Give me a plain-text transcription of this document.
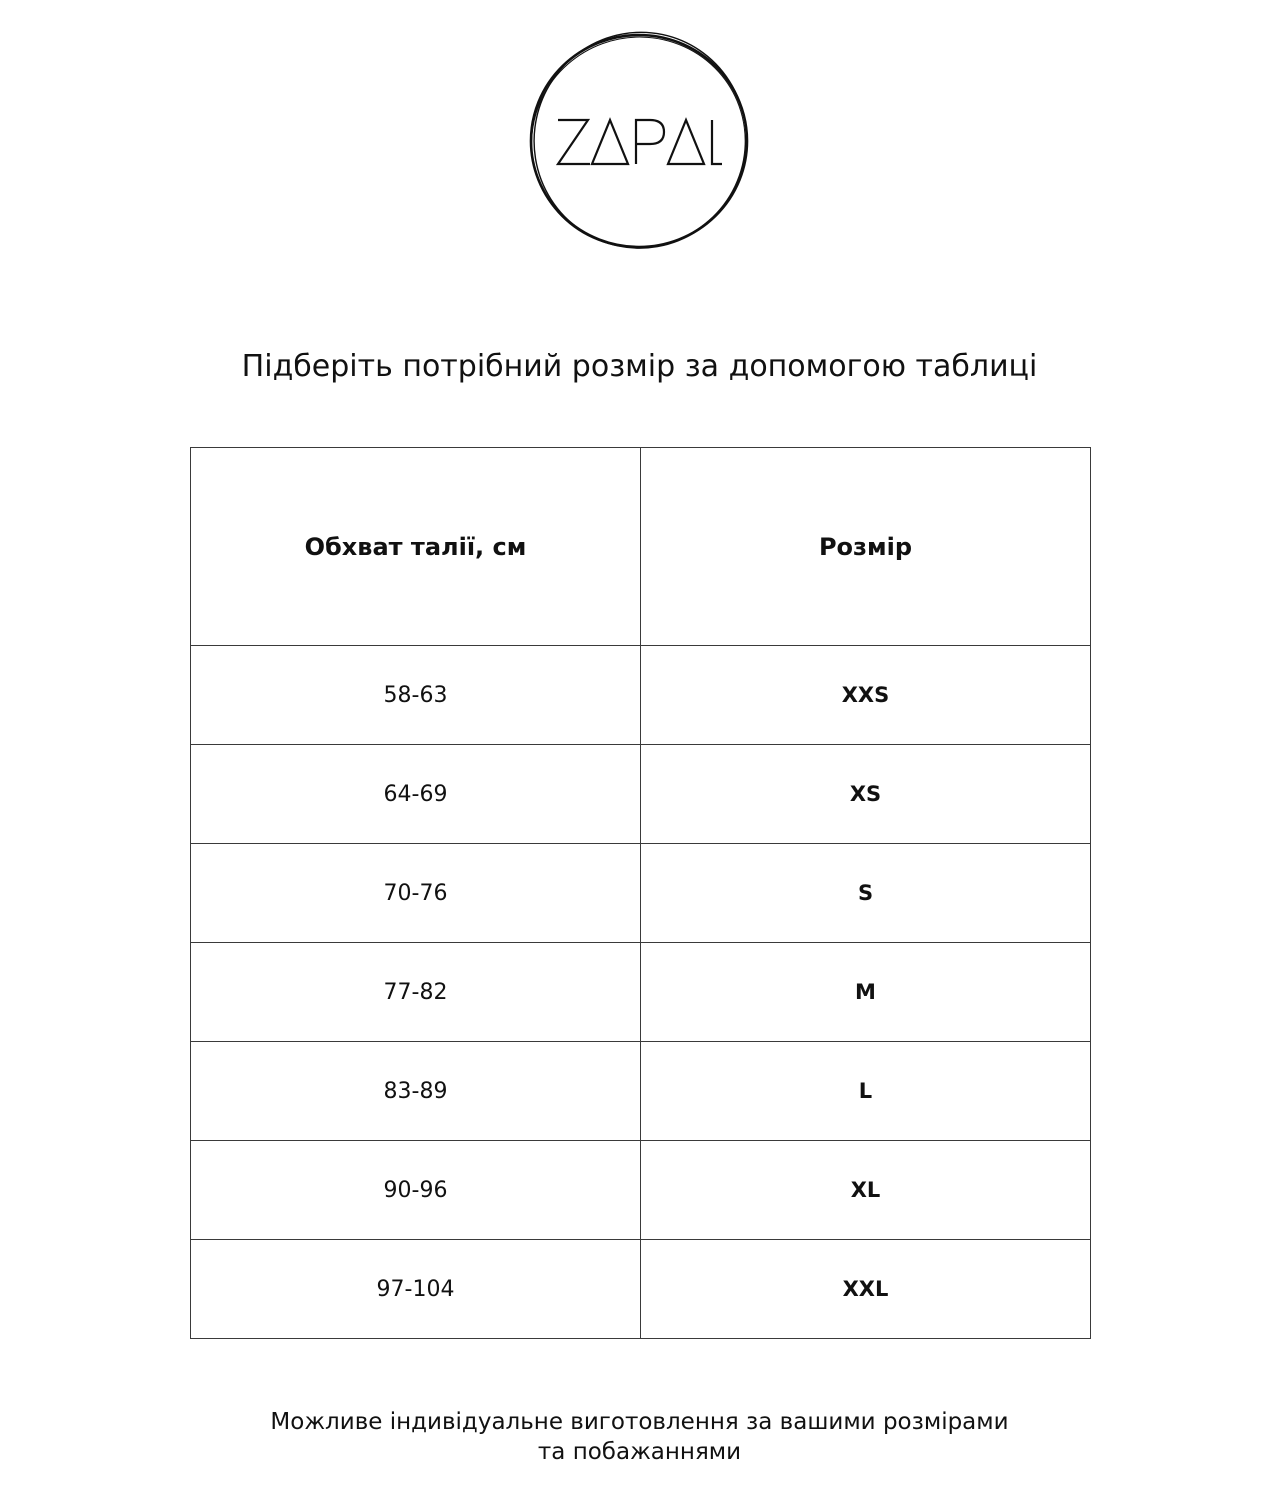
Підберіть потрібний розмір за допомогою таблиці
Обхват талії, см	Розмір
58-63	XXS
64-69	XS
70-76	S
77-82	M
83-89	L
90-96	XL
97-104	XXL
Можливе індивідуальне виготовлення за вашими розмірами
та побажаннями
